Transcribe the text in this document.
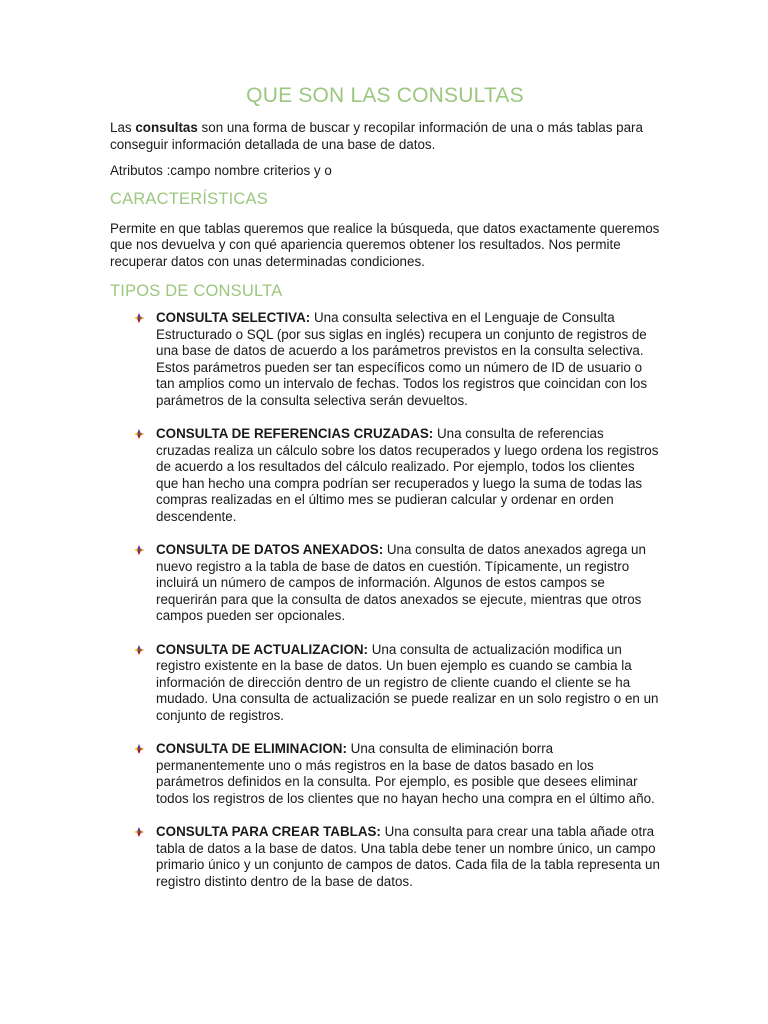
QUE SON LAS CONSULTAS

Las consultas son una forma de buscar y recopilar información de una o más tablas para conseguir información detallada de una base de datos.

Atributos :campo nombre criterios y o

CARACTERÍSTICAS

Permite en que tablas queremos que realice la búsqueda, que datos exactamente queremos que nos devuelva y con qué apariencia queremos obtener los resultados. Nos permite recuperar datos con unas determinadas condiciones.

TIPOS DE CONSULTA
CONSULTA SELECTIVA: Una consulta selectiva en el Lenguaje de Consulta Estructurado o SQL (por sus siglas en inglés) recupera un conjunto de registros de una base de datos de acuerdo a los parámetros previstos en la consulta selectiva. Estos parámetros pueden ser tan específicos como un número de ID de usuario o tan amplios como un intervalo de fechas. Todos los registros que coincidan con los parámetros de la consulta selectiva serán devueltos.
CONSULTA DE REFERENCIAS CRUZADAS: Una consulta de referencias cruzadas realiza un cálculo sobre los datos recuperados y luego ordena los registros de acuerdo a los resultados del cálculo realizado. Por ejemplo, todos los clientes que han hecho una compra podrían ser recuperados y luego la suma de todas las compras realizadas en el último mes se pudieran calcular y ordenar en orden descendente.
CONSULTA DE DATOS ANEXADOS: Una consulta de datos anexados agrega un nuevo registro a la tabla de base de datos en cuestión. Típicamente, un registro incluirá un número de campos de información. Algunos de estos campos se requerirán para que la consulta de datos anexados se ejecute, mientras que otros campos pueden ser opcionales.
CONSULTA DE ACTUALIZACION: Una consulta de actualización modifica un registro existente en la base de datos. Un buen ejemplo es cuando se cambia la información de dirección dentro de un registro de cliente cuando el cliente se ha mudado. Una consulta de actualización se puede realizar en un solo registro o en un conjunto de registros.
CONSULTA DE ELIMINACION: Una consulta de eliminación borra permanentemente uno o más registros en la base de datos basado en los parámetros definidos en la consulta. Por ejemplo, es posible que desees eliminar todos los registros de los clientes que no hayan hecho una compra en el último año.
CONSULTA PARA CREAR TABLAS: Una consulta para crear una tabla añade otra tabla de datos a la base de datos. Una tabla debe tener un nombre único, un campo primario único y un conjunto de campos de datos. Cada fila de la tabla representa un registro distinto dentro de la base de datos.
